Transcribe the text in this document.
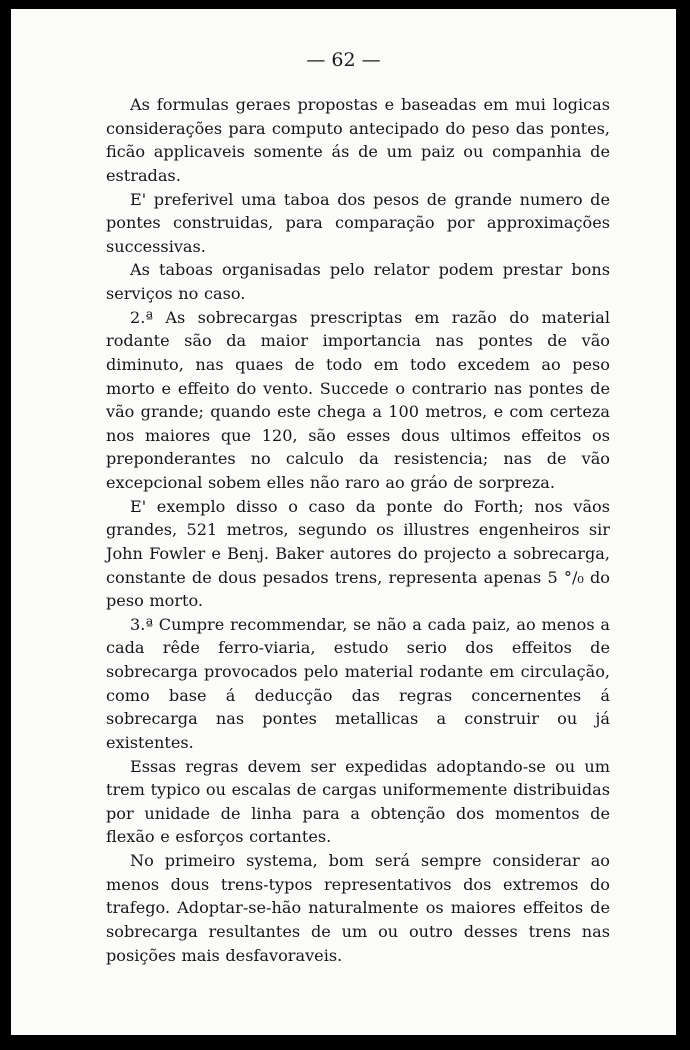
— 62 —

As formulas geraes propostas e baseadas em mui logicas considerações para computo antecipado do peso das pontes, ficão applicaveis somente ás de um paiz ou companhia de estradas.

E' preferivel uma taboa dos pesos de grande numero de pontes construidas, para comparação por approximações successivas.

As taboas organisadas pelo relator podem prestar bons serviços no caso.

2.ª As sobrecargas prescriptas em razão do material rodante são da maior importancia nas pontes de vão diminuto, nas quaes de todo em todo excedem ao peso morto e effeito do vento. Succede o contrario nas pontes de vão grande; quando este chega a 100 metros, e com certeza nos maiores que 120, são esses dous ultimos effeitos os preponderantes no calculo da resistencia; nas de vão excepcional sobem elles não raro ao gráo de sorpreza.

E' exemplo disso o caso da ponte do Forth; nos vãos grandes, 521 metros, segundo os illustres engenheiros sir John Fowler e Benj. Baker autores do projecto a sobrecarga, constante de dous pesados trens, representa apenas 5 °/₀ do peso morto.

3.ª Cumpre recommendar, se não a cada paiz, ao menos a cada rêde ferro-viaria, estudo serio dos effeitos de sobrecarga provocados pelo material rodante em circulação, como base á deducção das regras concernentes á sobrecarga nas pontes metallicas a construir ou já existentes.

Essas regras devem ser expedidas adoptando-se ou um trem typico ou escalas de cargas uniformemente distribuidas por unidade de linha para a obtenção dos momentos de flexão e esforços cortantes.

No primeiro systema, bom será sempre considerar ao menos dous trens-typos representativos dos extremos do trafego. Adoptar-se-hão naturalmente os maiores effeitos de sobrecarga resultantes de um ou outro desses trens nas posições mais desfavoraveis.
